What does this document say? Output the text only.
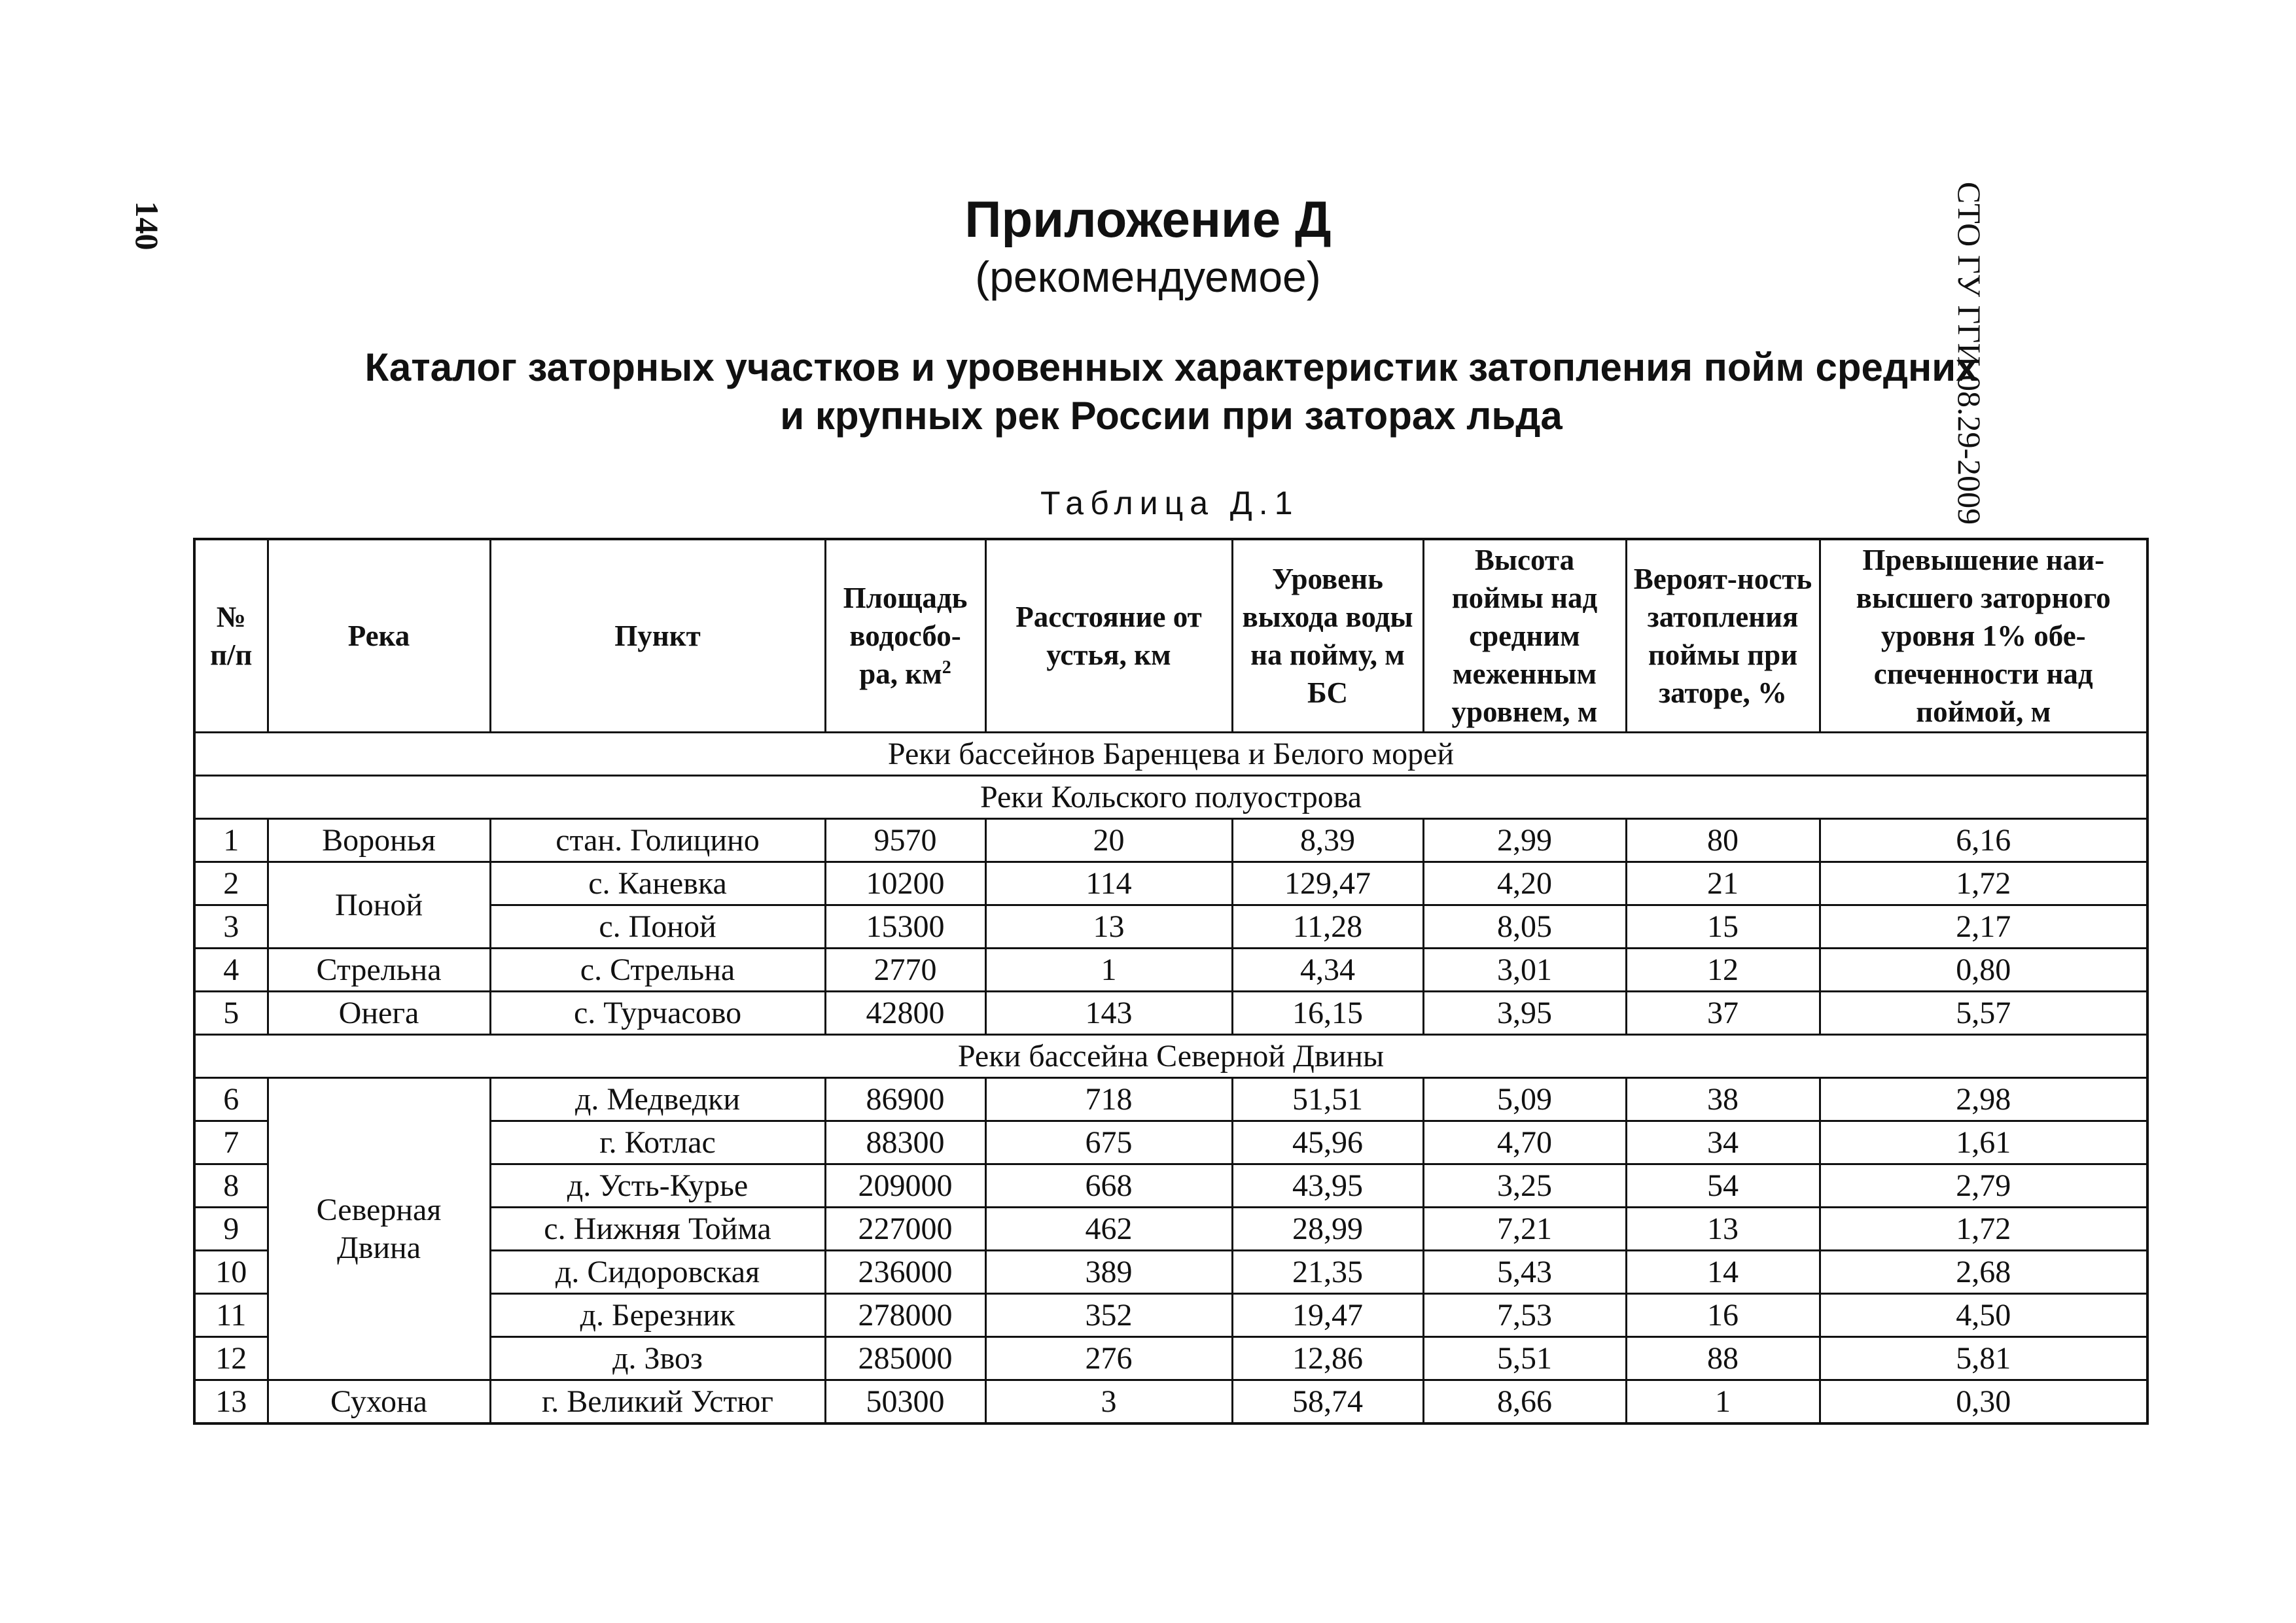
140	СТО ГУ ГГИ 08.29-2009
Приложение Д
(рекомендуемое)
Каталог заторных участков и уровенных характеристик затопления пойм средних
и крупных рек России при заторах льда
Таблица Д.1
№ п/п	Река	Пункт	Площадь водосбо-ра, $км^2$	Расстояние от устья, км	Уровень выхода воды на пойму, м БС	Высота поймы над средним меженным уровнем, м	Вероят-ность затопления поймы при заторе, %	Превышение наи-высшего заторного уровня 1% обе-спеченности над поймой, м
Реки бассейнов Баренцева и Белого морей								
Реки Кольского полуострова								
1	Воронья	стан. Голицино	9570	20	8,39	2,99	80	6,16
2	Поной	с. Каневка	10200	114	129,47	4,20	21	1,72
3		с. Поной	15300	13	11,28	8,05	15	2,17
4	Стрельна	с. Стрельна	2770	1	4,34	3,01	12	0,80
5	Онега	с. Турчасово	42800	143	16,15	3,95	37	5,57
Реки бассейна Северной Двины								
6	Северная Двина	д. Медведки	86900	718	51,51	5,09	38	2,98
7		г. Котлас	88300	675	45,96	4,70	34	1,61
8		д. Усть-Курье	209000	668	43,95	3,25	54	2,79
9		с. Нижняя Тойма	227000	462	28,99	7,21	13	1,72
10		д. Сидоровская	236000	389	21,35	5,43	14	2,68
11		д. Березник	278000	352	19,47	7,53	16	4,50
12		д. Звоз	285000	276	12,86	5,51	88	5,81
13	Сухона	г. Великий Устюг	50300	3	58,74	8,66	1	0,30
